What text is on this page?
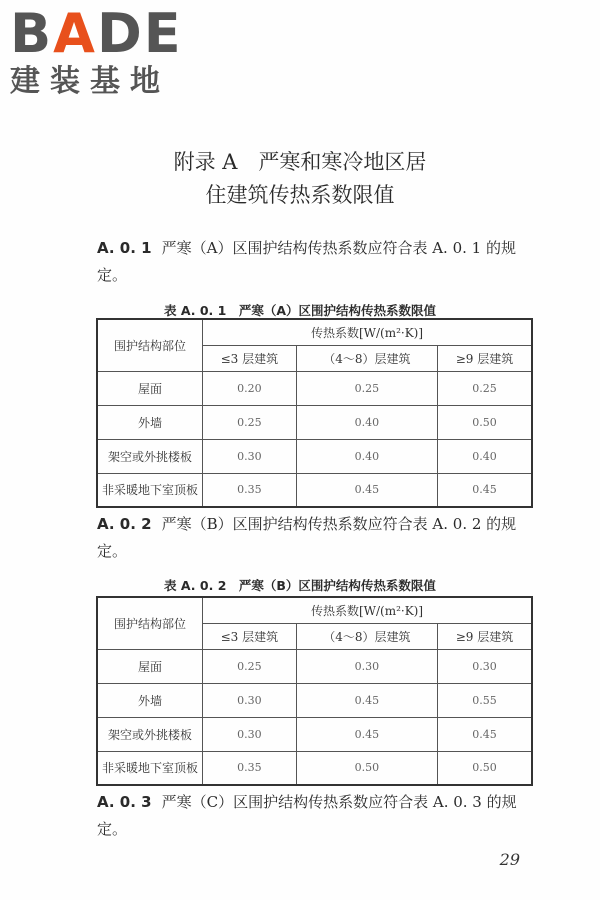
BADE
建装基地
附录 A　严寒和寒冷地区居
住建筑传热系数限值
A. 0. 1 严寒（A）区围护结构传热系数应符合表 A. 0. 1 的规定。
表 A. 0. 1　严寒（A）区围护结构传热系数限值
围护结构部位	传热系数[W/(m²·K)]		
	≤3 层建筑	（4～8）层建筑	≥9 层建筑
屋面	0.20	0.25	0.25
外墙	0.25	0.40	0.50
架空或外挑楼板	0.30	0.40	0.40
非采暖地下室顶板	0.35	0.45	0.45
A. 0. 2 严寒（B）区围护结构传热系数应符合表 A. 0. 2 的规定。
表 A. 0. 2　严寒（B）区围护结构传热系数限值
围护结构部位	传热系数[W/(m²·K)]		
	≤3 层建筑	（4～8）层建筑	≥9 层建筑
屋面	0.25	0.30	0.30
外墙	0.30	0.45	0.55
架空或外挑楼板	0.30	0.45	0.45
非采暖地下室顶板	0.35	0.50	0.50
A. 0. 3 严寒（C）区围护结构传热系数应符合表 A. 0. 3 的规定。
29
